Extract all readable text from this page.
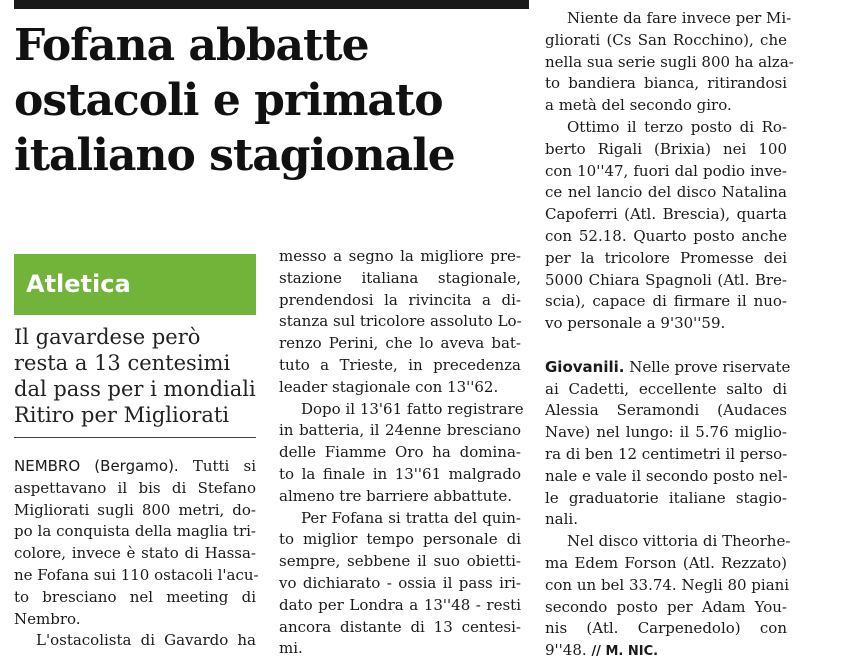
Fofana abbatte
ostacoli e primato
italiano stagionale
Atletica
Il gavardese però
resta a 13 centesimi
dal pass per i mondiali
Ritiro per Migliorati
NEMBRO (Bergamo). Tutti si
aspettavano il bis di Stefano
Migliorati sugli 800 metri, do-
po la conquista della maglia tri-
colore, invece è stato di Hassa-
ne Fofana sui 110 ostacoli l'acu-
to bresciano nel meeting di
Nembro.
L'ostacolista di Gavardo ha
messo a segno la migliore pre-
stazione italiana stagionale,
prendendosi la rivincita a di-
stanza sul tricolore assoluto Lo-
renzo Perini, che lo aveva bat-
tuto a Trieste, in precedenza
leader stagionale con 13''62.
Dopo il 13'61 fatto registrare
in batteria, il 24enne bresciano
delle Fiamme Oro ha domina-
to la finale in 13''61 malgrado
almeno tre barriere abbattute.
Per Fofana si tratta del quin-
to miglior tempo personale di
sempre, sebbene il suo obietti-
vo dichiarato - ossia il pass iri-
dato per Londra a 13''48 - resti
ancora distante di 13 centesi-
mi.
Niente da fare invece per Mi-
gliorati (Cs San Rocchino), che
nella sua serie sugli 800 ha alza-
to bandiera bianca, ritirandosi
a metà del secondo giro.
Ottimo il terzo posto di Ro-
berto Rigali (Brixia) nei 100
con 10''47, fuori dal podio inve-
ce nel lancio del disco Natalina
Capoferri (Atl. Brescia), quarta
con 52.18. Quarto posto anche
per la tricolore Promesse dei
5000 Chiara Spagnoli (Atl. Bre-
scia), capace di firmare il nuo-
vo personale a 9'30''59.
Giovanili. Nelle prove riservate
ai Cadetti, eccellente salto di
Alessia Seramondi (Audaces
Nave) nel lungo: il 5.76 miglio-
ra di ben 12 centimetri il perso-
nale e vale il secondo posto nel-
le graduatorie italiane stagio-
nali.
Nel disco vittoria di Theorhe-
ma Edem Forson (Atl. Rezzato)
con un bel 33.74. Negli 80 piani
secondo posto per Adam You-
nis (Atl. Carpenedolo) con
9''48. // M. NIC.
